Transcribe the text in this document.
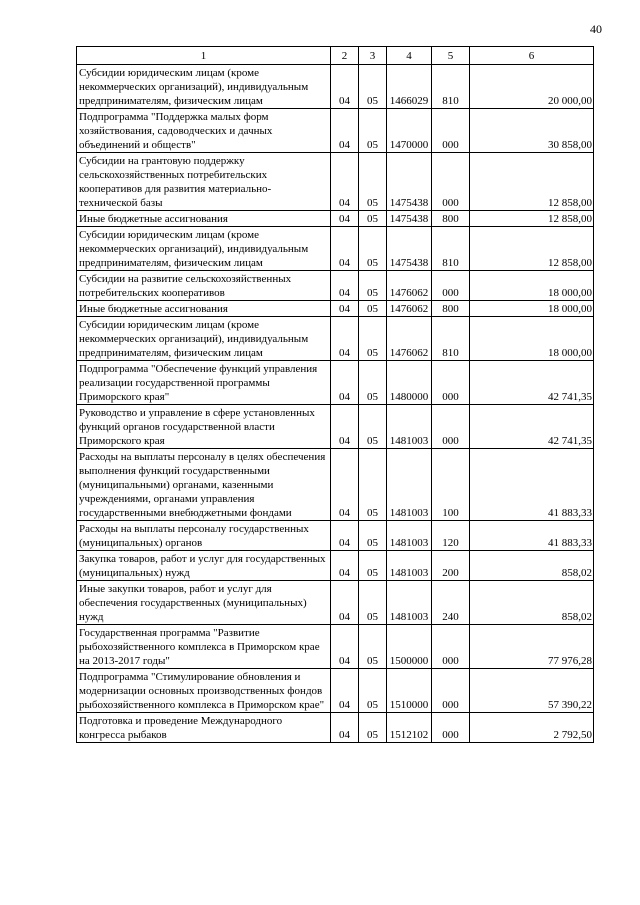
40
1	2	3	4	5	6
Субсидии юридическим лицам (кроме некоммерческих организаций), индивидуальным предпринимателям, физическим лицам	04	05	1466029	810	20 000,00
Подпрограмма "Поддержка малых форм хозяйствования, садоводческих и дачных объединений и обществ"	04	05	1470000	000	30 858,00
Субсидии на грантовую поддержку сельскохозяйственных потребительских кооперативов для развития материально-технической базы	04	05	1475438	000	12 858,00
Иные бюджетные ассигнования	04	05	1475438	800	12 858,00
Субсидии юридическим лицам (кроме некоммерческих организаций), индивидуальным предпринимателям, физическим лицам	04	05	1475438	810	12 858,00
Субсидии на развитие сельскохозяйственных потребительских кооперативов	04	05	1476062	000	18 000,00
Иные бюджетные ассигнования	04	05	1476062	800	18 000,00
Субсидии юридическим лицам (кроме некоммерческих организаций), индивидуальным предпринимателям, физическим лицам	04	05	1476062	810	18 000,00
Подпрограмма "Обеспечение функций управления реализации государственной программы Приморского края"	04	05	1480000	000	42 741,35
Руководство и управление в сфере установленных функций органов государственной власти Приморского края	04	05	1481003	000	42 741,35
Расходы на выплаты персоналу в целях обеспечения выполнения функций государственными (муниципальными) органами, казенными учреждениями, органами управления государственными внебюджетными фондами	04	05	1481003	100	41 883,33
Расходы на выплаты персоналу государственных (муниципальных) органов	04	05	1481003	120	41 883,33
Закупка товаров, работ и услуг для государственных (муниципальных) нужд	04	05	1481003	200	858,02
Иные закупки товаров, работ и услуг для обеспечения государственных (муниципальных) нужд	04	05	1481003	240	858,02
Государственная программа "Развитие рыбохозяйственного комплекса в Приморском крае на 2013-2017 годы"	04	05	1500000	000	77 976,28
Подпрограмма "Стимулирование обновления и модернизации основных производственных фондов рыбохозяйственного комплекса в Приморском крае"	04	05	1510000	000	57 390,22
Подготовка и проведение Международного конгресса рыбаков	04	05	1512102	000	2 792,50
